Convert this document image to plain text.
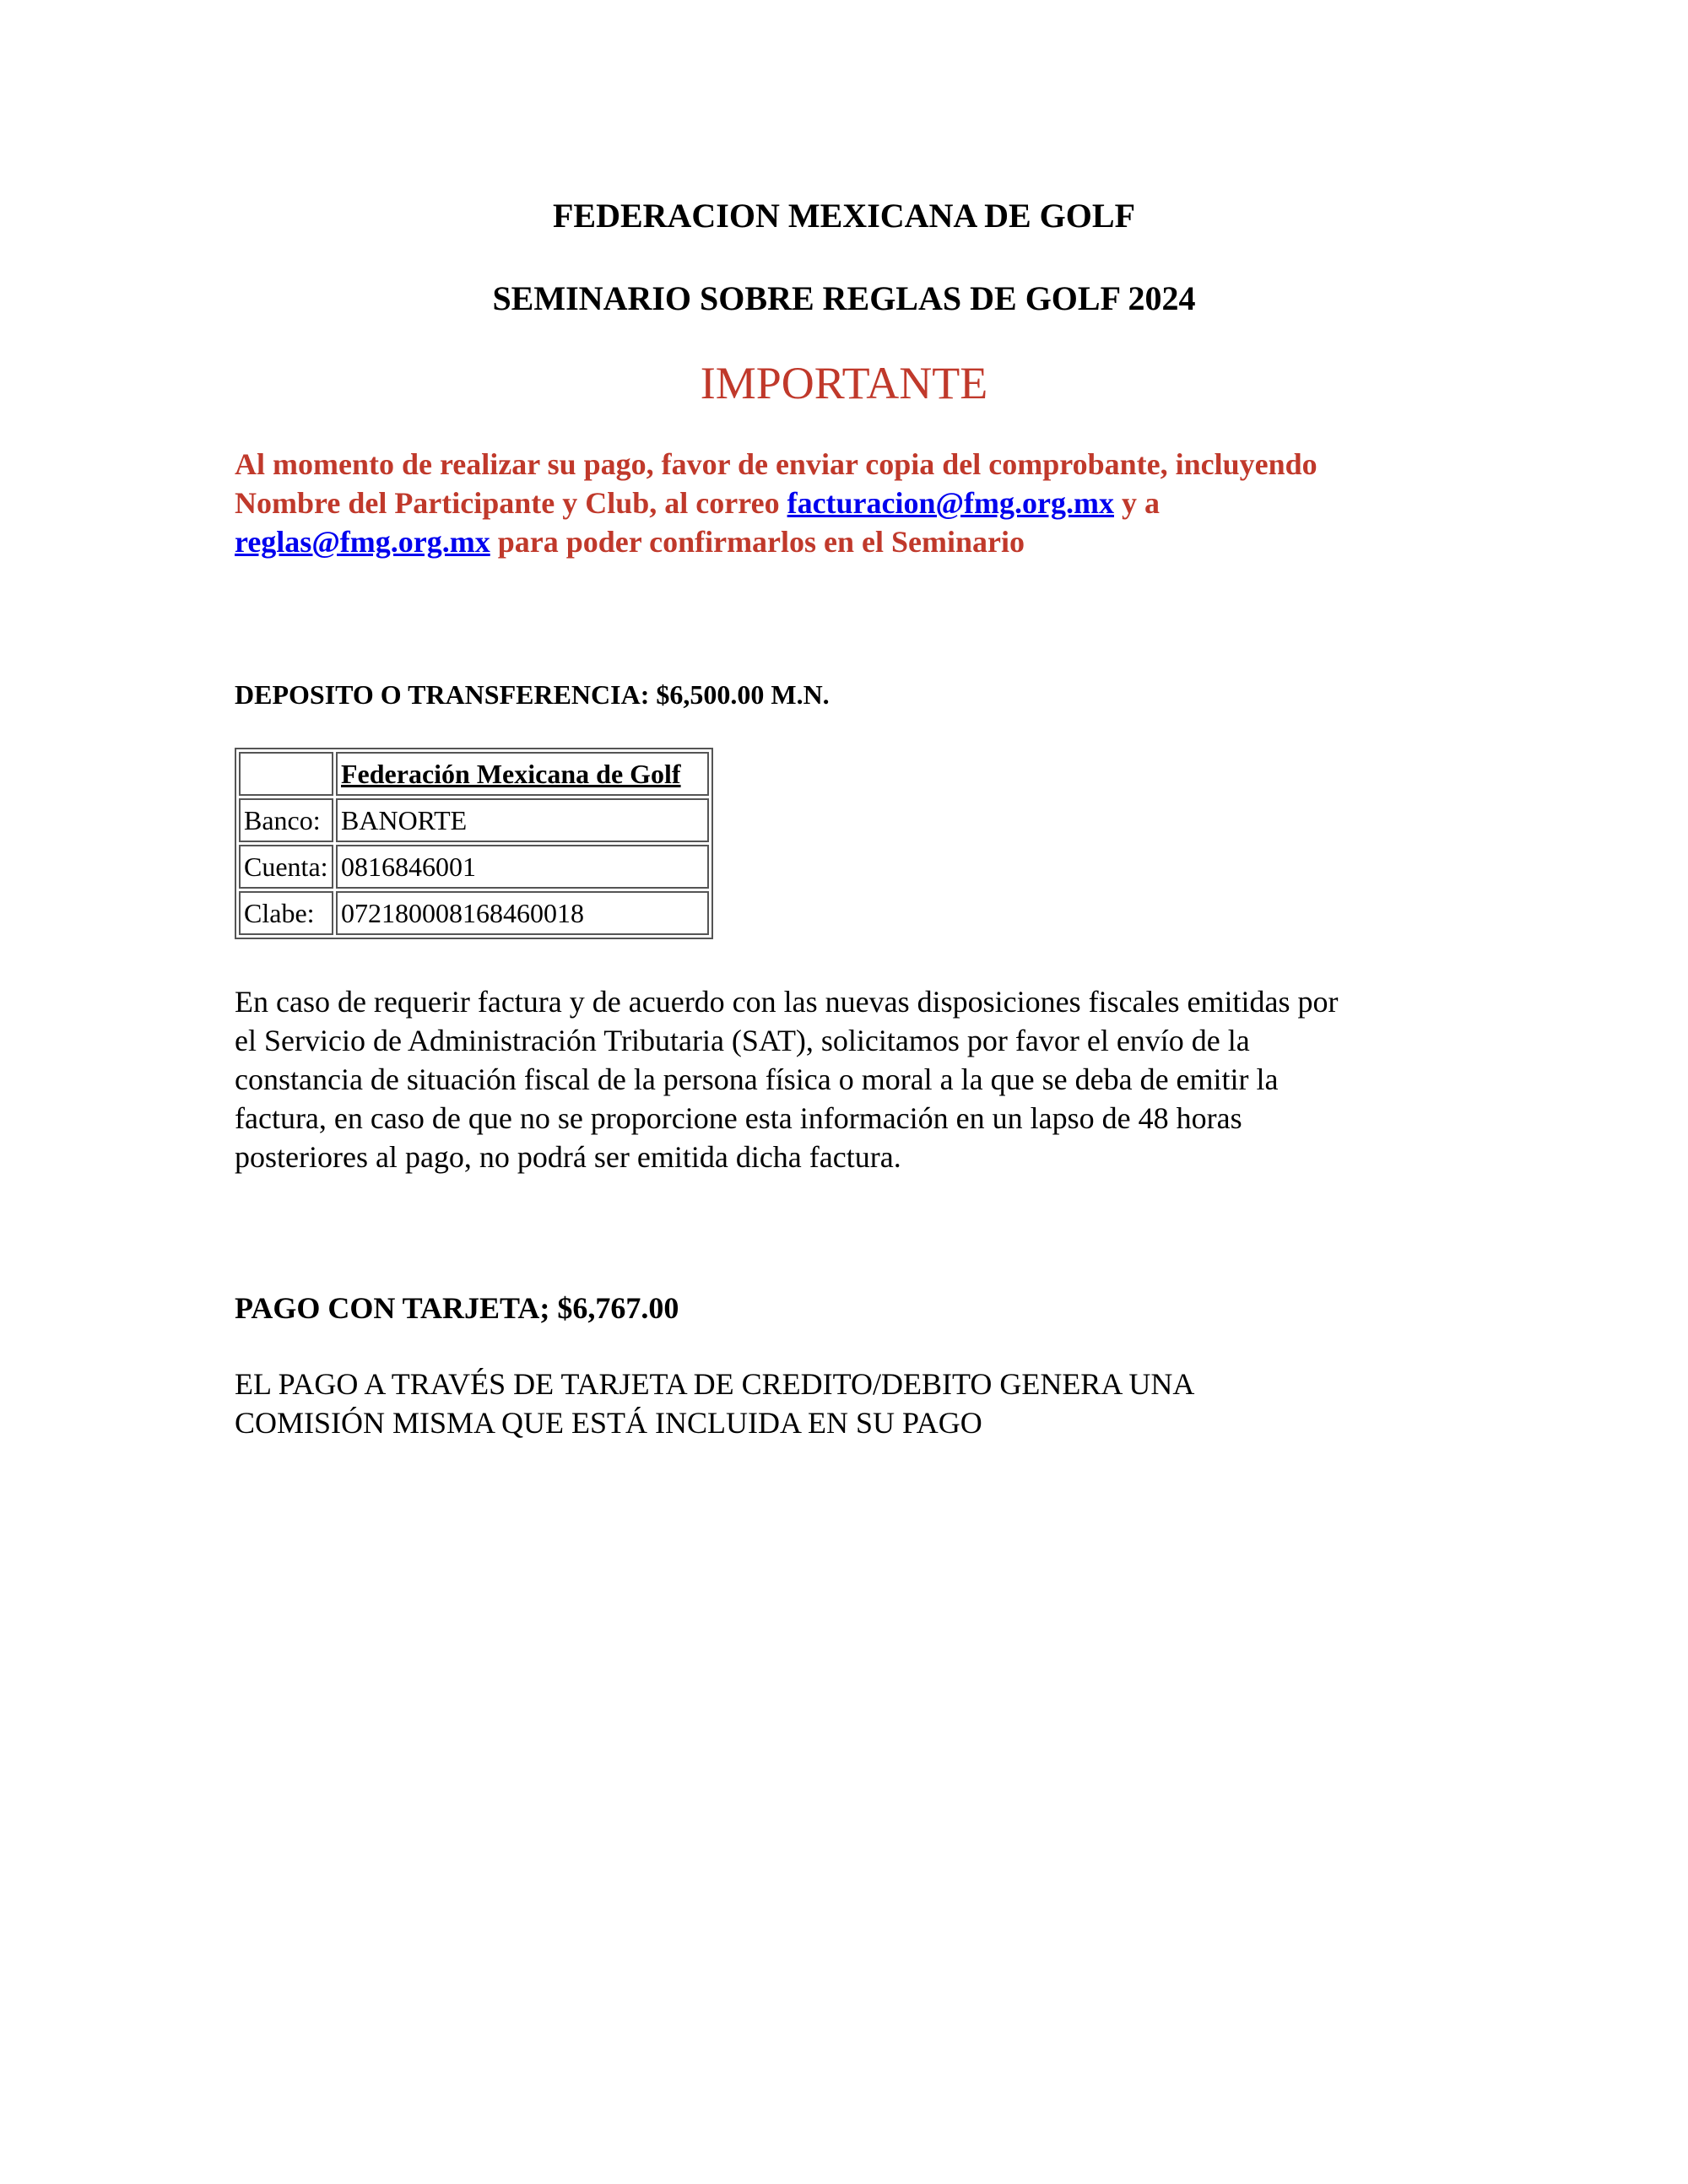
FEDERACION MEXICANA DE GOLF
SEMINARIO SOBRE REGLAS DE GOLF 2024
IMPORTANTE
Al momento de realizar su pago, favor de enviar copia del comprobante, incluyendo
Nombre del Participante y Club, al correo facturacion@fmg.org.mx y a
reglas@fmg.org.mx para poder confirmarlos en el Seminario
DEPOSITO O TRANSFERENCIA: $6,500.00 M.N.
	Federación Mexicana de Golf
Banco:	BANORTE
Cuenta:	0816846001
Clabe:	072180008168460018
En caso de requerir factura y de acuerdo con las nuevas disposiciones fiscales emitidas por
el Servicio de Administración Tributaria (SAT), solicitamos por favor el envío de la
constancia de situación fiscal de la persona física o moral a la que se deba de emitir la
factura, en caso de que no se proporcione esta información en un lapso de 48 horas
posteriores al pago, no podrá ser emitida dicha factura.
PAGO CON TARJETA; $6,767.00
EL PAGO A TRAVÉS DE TARJETA DE CREDITO/DEBITO GENERA UNA
COMISIÓN MISMA QUE ESTÁ INCLUIDA EN SU PAGO
